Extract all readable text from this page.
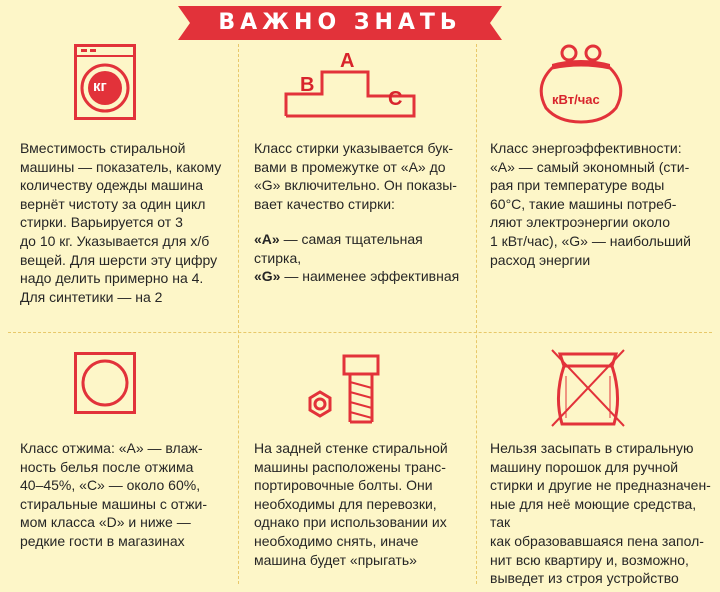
ВАЖНО ЗНАТЬ
кг
Вместимость стиральной
машины — показатель, какому
количеству одежды машина
вернёт чистоту за один цикл
стирки. Варьируется от 3
до 10 кг. Указывается для х/б
вещей. Для шерсти эту цифру
надо делить примерно на 4.
Для синтетики — на 2
A
B
C
Класс стирки указывается бук-
вами в промежутке от «А» до
«G» включительно. Он показы-
вает качество стирки:
«А» — самая тщательная стирка,
«G» — наименее эффективная
кВт/час
Класс энергоэффективности:
«А» — самый экономный (сти-
рая при температуре воды
60°C, такие машины потреб-
ляют электроэнергии около
1 кВт/час), «G» — наибольший
расход энергии
Класс отжима: «А» — влаж-
ность белья после отжима
40–45%, «С» — около 60%,
стиральные машины с отжи-
мом класса «D» и ниже —
редкие гости в магазинах
На задней стенке стиральной
машины расположены транс-
портировочные болты. Они
необходимы для перевозки,
однако при использовании их
необходимо снять, иначе
машина будет «прыгать»
Нельзя засыпать в стиральную
машину порошок для ручной
стирки и другие не предназначен-
ные для неё моющие средства, так
как образовавшаяся пена запол-
нит всю квартиру и, возможно,
выведет из строя устройство
